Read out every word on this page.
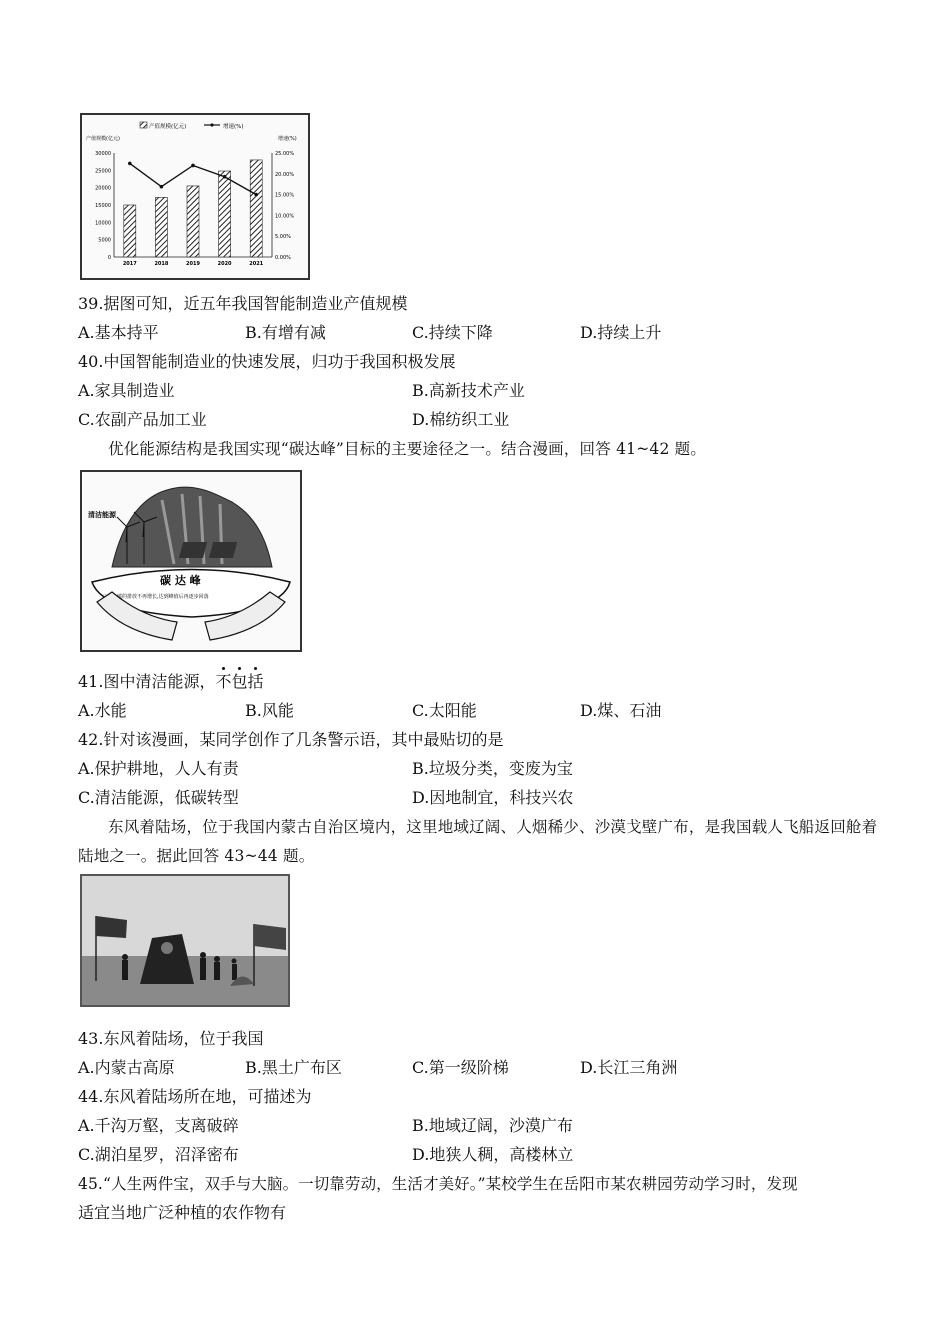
产值规模(亿元)	增速(%)
产值规模(亿元)	增速(%)
30000
25000
20000
15000
10000
5000
0
25.00%
20.00%
15.00%
10.00%
5.00%
0.00%
2017	2018	2019	2020	2021
39.据图可知，近五年我国智能制造业产值规模
A.基本持平	B.有增有减	C.持续下降	D.持续上升
40.中国智能制造业的快速发展，归功于我国积极发展
A.家具制造业	B.高新技术产业
C.农副产品加工业	D.棉纺织工业
优化能源结构是我国实现“碳达峰”目标的主要途径之一。结合漫画，回答 41~42 题。
碳 达 峰
二氧化碳的排放不再增长,达到峰值后再逐步回落
清洁能源
41.图中清洁能源，不包括
A.水能	B.风能	C.太阳能	D.煤、石油
42.针对该漫画，某同学创作了几条警示语，其中最贴切的是
A.保护耕地，人人有责	B.垃圾分类，变废为宝
C.清洁能源，低碳转型	D.因地制宜，科技兴农
东风着陆场，位于我国内蒙古自治区境内，这里地域辽阔、人烟稀少、沙漠戈壁广布，是我国载人飞船返回舱着陆地之一。据此回答 43~44 题。
43.东风着陆场，位于我国
A.内蒙古高原	B.黑土广布区	C.第一级阶梯	D.长江三角洲
44.东风着陆场所在地，可描述为
A.千沟万壑，支离破碎	B.地域辽阔，沙漠广布
C.湖泊星罗，沼泽密布	D.地狭人稠，高楼林立
45.“人生两件宝，双手与大脑。一切靠劳动，生活才美好。”某校学生在岳阳市某农耕园劳动学习时，发现
适宜当地广泛种植的农作物有
